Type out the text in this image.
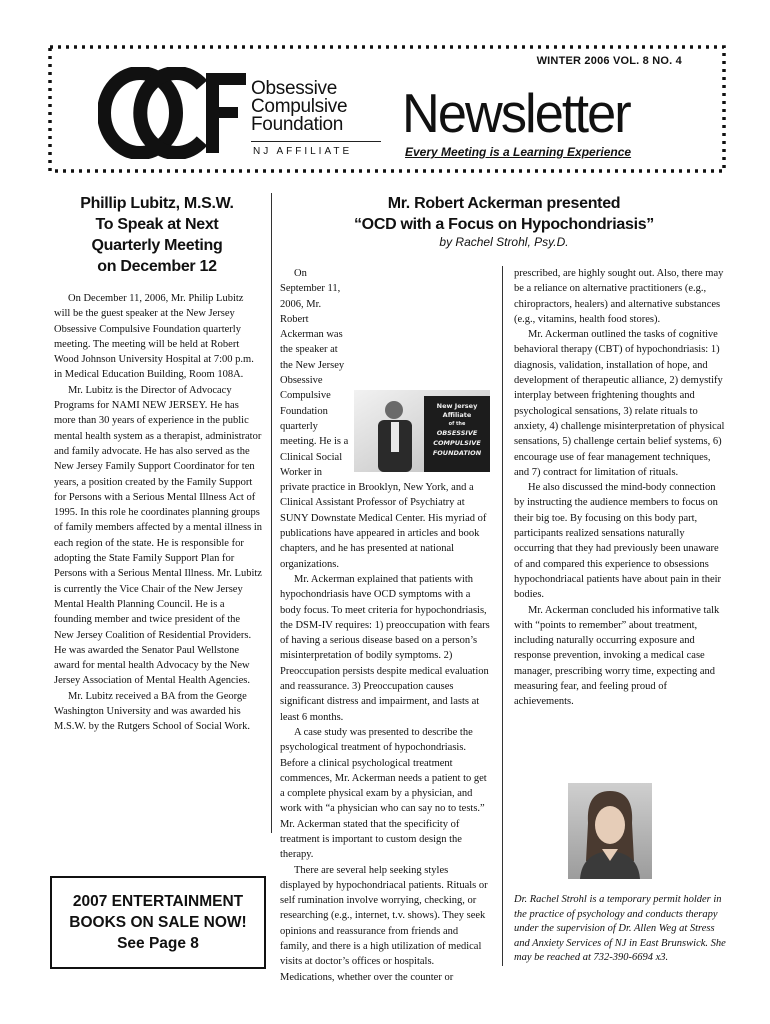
WINTER 2006 VOL. 8 NO. 4
Obsessive
Compulsive
Foundation
NJ AFFILIATE
Newsletter
Every Meeting is a Learning Experience
Phillip Lubitz, M.S.W.
To Speak at Next
Quarterly Meeting
on December 12

On December 11, 2006, Mr. Philip Lubitz will be the guest speaker at the New Jersey Obsessive Compulsive Foundation quarterly meeting. The meeting will be held at Robert Wood Johnson University Hospital at 7:00 p.m. in Medical Education Building, Room 108A.

Mr. Lubitz is the Director of Advocacy Programs for NAMI NEW JERSEY. He has more than 30 years of experience in the public mental health system as a therapist, administrator and family advocate. He has also served as the New Jersey Family Support Coordinator for ten years, a position created by the Family Support for Persons with a Serious Mental Illness Act of 1995. In this role he coordinates planning groups of family members affected by a mental illness in each region of the state. He is responsible for adopting the State Family Support Plan for Persons with a Serious Mental Illness. Mr. Lubitz is currently the Vice Chair of the New Jersey Mental Health Planning Council. He is a founding member and twice president of the New Jersey Coalition of Residential Providers. He was awarded the Senator Paul Wellstone award for mental health Advocacy by the New Jersey Association of Mental Health Agencies.

Mr. Lubitz received a BA from the George Washington University and was awarded his M.S.W. by the Rutgers School of Social Work.

2007 ENTERTAINMENT
BOOKS ON SALE NOW!
See Page 8
Mr. Robert Ackerman presented
“OCD with a Focus on Hypochondriasis”
by Rachel Strohl, Psy.D.
New Jersey
Affiliate
of the
OBSESSIVE
COMPULSIVE
FOUNDATION

On September 11, 2006, Mr. Robert Ackerman was the speaker at the New Jersey Obsessive Compulsive Foundation quarterly meeting. He is a Clinical Social Worker in private practice in Brooklyn, New York, and a Clinical Assistant Professor of Psychiatry at SUNY Downstate Medical Center. His myriad of publications have appeared in articles and book chapters, and he has presented at national organizations.

Mr. Ackerman explained that patients with hypochondriasis have OCD symptoms with a body focus. To meet criteria for hypochondriasis, the DSM-IV requires: 1) preoccupation with fears of having a serious disease based on a person’s misinterpretation of bodily symptoms. 2) Preoccupation persists despite medical evaluation and reassurance. 3) Preoccupation causes significant distress and impairment, and lasts at least 6 months.

A case study was presented to describe the psychological treatment of hypochondriasis. Before a clinical psychological treatment commences, Mr. Ackerman needs a patient to get a complete physical exam by a physician, and work with “a physician who can say no to tests.” Mr. Ackerman stated that the specificity of treatment is important to custom design the therapy.

There are several help seeking styles displayed by hypochondriacal patients. Rituals or self rumination involve worrying, checking, or researching (e.g., internet, t.v. shows). They seek opinions and reassurance from friends and family, and there is a high utilization of medical visits at doctor’s offices or hospitals. Medications, whether over the counter or

prescribed, are highly sought out. Also, there may be a reliance on alternative practitioners (e.g., chiropractors, healers) and alternative substances (e.g., vitamins, health food stores).

Mr. Ackerman outlined the tasks of cognitive behavioral therapy (CBT) of hypochondriasis: 1) diagnosis, validation, installation of hope, and development of therapeutic alliance, 2) demystify interplay between frightening thoughts and psychological sensations, 3) relate rituals to anxiety, 4) challenge misinterpretation of physical sensations, 5) challenge certain belief systems, 6) encourage use of fear management techniques, and 7) contract for limitation of rituals.

He also discussed the mind-body connection by instructing the audience members to focus on their big toe. By focusing on this body part, participants realized sensations naturally occurring that they had previously been unaware of and compared this experience to obsessions hypochondriacal patients have about pain in their bodies.

Mr. Ackerman concluded his informative talk with “points to remember” about treatment, including naturally occurring exposure and response prevention, invoking a medical case manager, prescribing worry time, expecting and measuring fear, and feeling proud of achievements.

Dr. Rachel Strohl is a temporary permit holder in the practice of psychology and conducts therapy under the supervision of Dr. Allen Weg at Stress and Anxiety Services of NJ in East Brunswick. She may be reached at 732-390-6694 x3.
